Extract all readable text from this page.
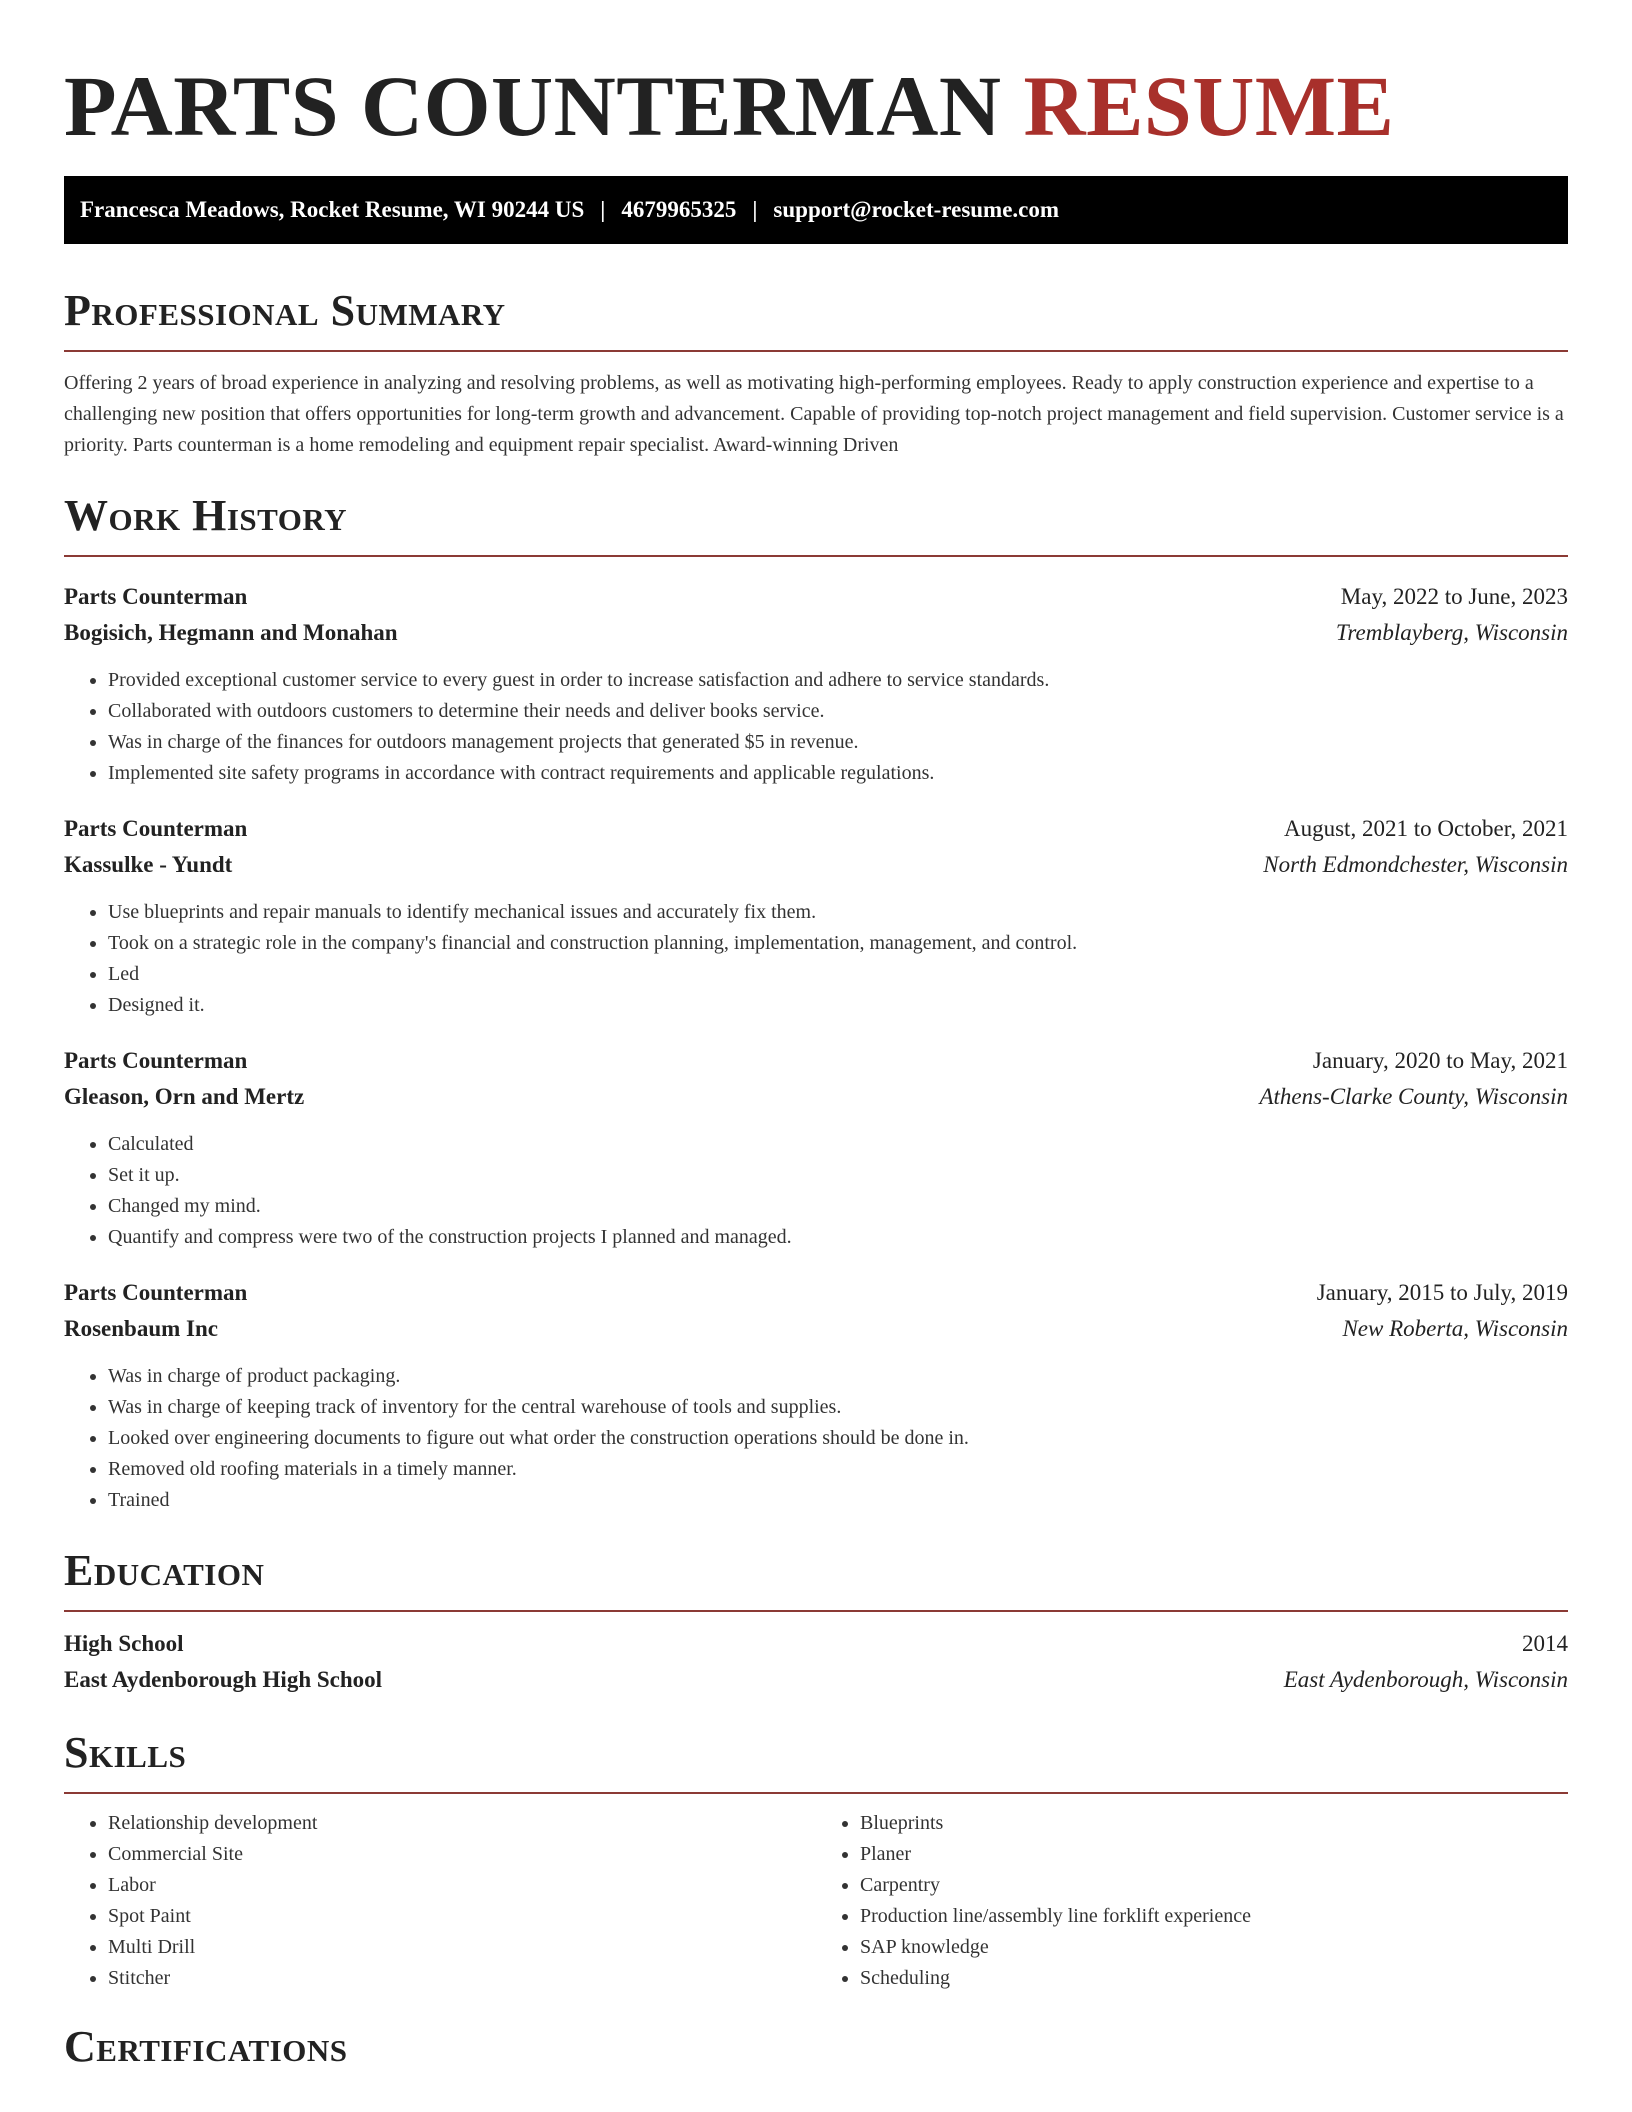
PARTS COUNTERMAN RESUME
Francesca Meadows, Rocket Resume, WI 90244 US | 4679965325 | support@rocket-resume.com
Professional Summary

Offering 2 years of broad experience in analyzing and resolving problems, as well as motivating high-performing employees. Ready to apply construction experience and expertise to a challenging new position that offers opportunities for long-term growth and advancement. Capable of providing top-notch project management and field supervision. Customer service is a priority. Parts counterman is a home remodeling and equipment repair specialist. Award-winning Driven

Work History
Parts Counterman	May, 2022 to June, 2023
Bogisich, Hegmann and Monahan	Tremblayberg, Wisconsin
• Provided exceptional customer service to every guest in order to increase satisfaction and adhere to service standards.
• Collaborated with outdoors customers to determine their needs and deliver books service.
• Was in charge of the finances for outdoors management projects that generated $5 in revenue.
• Implemented site safety programs in accordance with contract requirements and applicable regulations.
Parts Counterman	August, 2021 to October, 2021
Kassulke - Yundt	North Edmondchester, Wisconsin
• Use blueprints and repair manuals to identify mechanical issues and accurately fix them.
• Took on a strategic role in the company's financial and construction planning, implementation, management, and control.
• Led
• Designed it.
Parts Counterman	January, 2020 to May, 2021
Gleason, Orn and Mertz	Athens-Clarke County, Wisconsin
• Calculated
• Set it up.
• Changed my mind.
• Quantify and compress were two of the construction projects I planned and managed.
Parts Counterman	January, 2015 to July, 2019
Rosenbaum Inc	New Roberta, Wisconsin
• Was in charge of product packaging.
• Was in charge of keeping track of inventory for the central warehouse of tools and supplies.
• Looked over engineering documents to figure out what order the construction operations should be done in.
• Removed old roofing materials in a timely manner.
• Trained
Education
High School	2014
East Aydenborough High School	East Aydenborough, Wisconsin
Skills
• Relationship development
• Commercial Site
• Labor
• Spot Paint
• Multi Drill
• Stitcher
• Blueprints
• Planer
• Carpentry
• Production line/assembly line forklift experience
• SAP knowledge
• Scheduling
Certifications
